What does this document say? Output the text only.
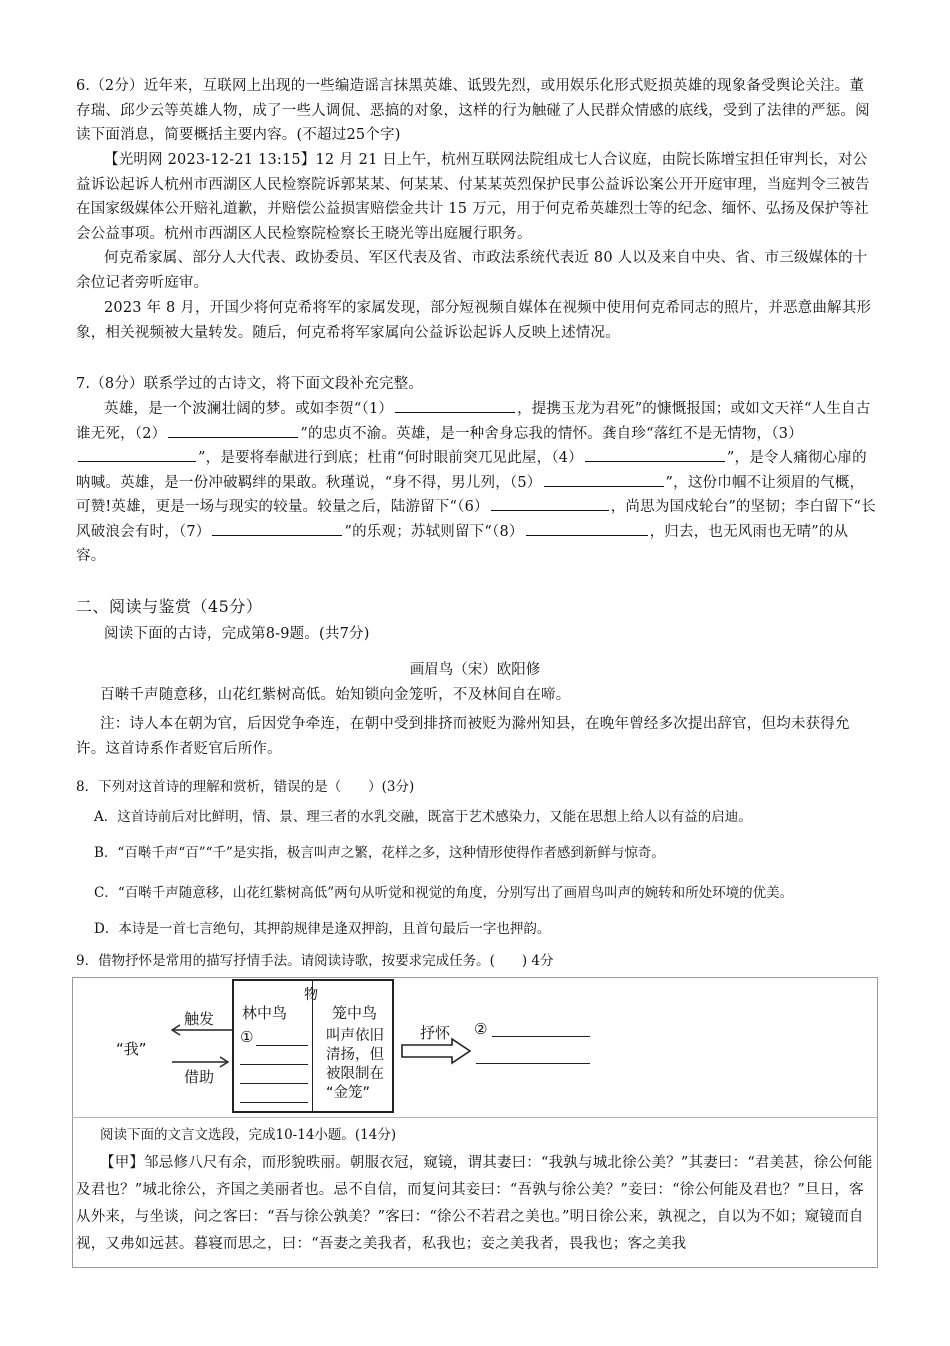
6.（2分）近年来，互联网上出现的一些编造谣言抹黑英雄、诋毁先烈，或用娱乐化形式贬损英雄的现象备受舆论关注。董存瑞、邱少云等英雄人物，成了一些人调侃、恶搞的对象，这样的行为触碰了人民群众情感的底线，受到了法律的严惩。阅读下面消息，简要概括主要内容。(不超过25个字)

【光明网 2023-12-21 13:15】12 月 21 日上午，杭州互联网法院组成七人合议庭，由院长陈增宝担任审判长，对公益诉讼起诉人杭州市西湖区人民检察院诉郭某某、何某某、付某某英烈保护民事公益诉讼案公开开庭审理，当庭判令三被告在国家级媒体公开赔礼道歉，并赔偿公益损害赔偿金共计 15 万元，用于何克希英雄烈士等的纪念、缅怀、弘扬及保护等社会公益事项。杭州市西湖区人民检察院检察长王晓光等出庭履行职务。

何克希家属、部分人大代表、政协委员、军区代表及省、市政法系统代表近 80 人以及来自中央、省、市三级媒体的十余位记者旁听庭审。

2023 年 8 月，开国少将何克希将军的家属发现，部分短视频自媒体在视频中使用何克希同志的照片，并恶意曲解其形象，相关视频被大量转发。随后，何克希将军家属向公益诉讼起诉人反映上述情况。

7.（8分）联系学过的古诗文，将下面文段补充完整。

英雄，是一个波澜壮阔的梦。或如李贺“（1）	，提携玉龙为君死”的慷慨报国；或如文天祥“人生自古谁无死，（2）	”的忠贞不渝。英雄，是一种舍身忘我的情怀。龚自珍“落红不是无情物，（3）”，是要将奉献进行到底；杜甫“何时眼前突兀见此屋，（4）	”，是令人痛彻心扉的呐喊。英雄，是一份冲破羁绊的果敢。秋瑾说，“身不得，男儿列，（5）	”，这份巾帼不让须眉的气概，可赞!英雄，更是一场与现实的较量。较量之后，陆游留下“（6）	，尚思为国戍轮台”的坚韧；李白留下“长风破浪会有时，（7）	”的乐观；苏轼则留下“（8）	，归去，也无风雨也无晴”的从容。

二、阅读与鉴赏（45分）
阅读下面的古诗，完成第8-9题。(共7分)
画眉鸟（宋）欧阳修

百啭千声随意移，山花红紫树高低。始知锁向金笼听，不及林间自在啼。

注：诗人本在朝为官，后因党争牵连，在朝中受到排挤而被贬为滁州知县，在晚年曾经多次提出辞官，但均未获得允许。这首诗系作者贬官后所作。

8．下列对这首诗的理解和赏析，错误的是（　　）(3分)
A．这首诗前后对比鲜明，情、景、理三者的水乳交融，既富于艺术感染力，又能在思想上给人以有益的启迪。
B．“百啭千声“百”“千”是实指，极言叫声之繁，花样之多，这种情形使得作者感到新鲜与惊奇。
C．“百啭千声随意移，山花红紫树高低”两句从听觉和视觉的角度，分别写出了画眉鸟叫声的婉转和所处环境的优美。
D．本诗是一首七言绝句，其押韵规律是逢双押韵，且首句最后一字也押韵。
9．借物抒怀是常用的描写抒情手法。请阅读诗歌，按要求完成任务。(　　) 4分
物
林中鸟	笼中鸟
①	叫声依旧
清扬，但
被限制在
“金笼”
“我”
触发
借助
抒怀 ②
阅读下面的文言文选段，完成10-14小题。(14分)

【甲】邹忌修八尺有余，而形貌昳丽。朝服衣冠，窥镜，谓其妻曰：“我孰与城北徐公美？”其妻曰：“君美甚，徐公何能及君也？”城北徐公，齐国之美丽者也。忌不自信，而复问其妾曰：“吾孰与徐公美？”妾曰：“徐公何能及君也？”旦日，客从外来，与坐谈，问之客曰：“吾与徐公孰美？”客曰：“徐公不若君之美也。”明日徐公来，孰视之，自以为不如；窥镜而自视，又弗如远甚。暮寝而思之，曰：“吾妻之美我者，私我也；妾之美我者，畏我也；客之美我
